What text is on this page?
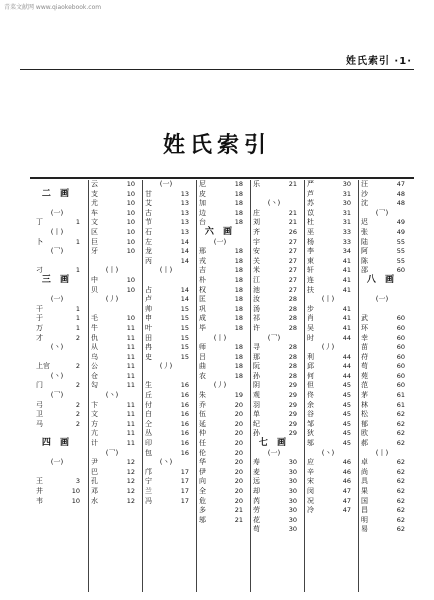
青菜文献网 www.qiaokebook.com
姓氏索引 ·1·
姓氏索引
二 画
(一)
丁	1
(丨)
卜	1
(乛)
刁	1
三 画
(一)
干	1
于	1
万	1
才	2
(丶)
上官	2
(丶)
门	2
(乛)
弓	2
卫	2
马	2
四 画
(一)
王	3
井	10
韦	10
云	10
支	10
尤	10
车	10
文	10
区	10
巨	10
牙	10
(丨)
中	10
贝	10
(丿)
毛	10
牛	11
仇	11
从	11
乌	11
公	11
仓	11
勾	11
(丶)
卞	11
文	11
方	11
亢	11
计	11
(乛)
尹	12
巴	12
孔	12
邓	12
水	12
(一)
甘	13
艾	13
古	13
节	13
石	13
左	14
龙	14
丙	14
(丨)
占	14
卢	14
帅	15
申	15
叶	15
田	15
冉	15
史	15
(丿)
生	16
丘	16
付	16
白	16
仝	16
丛	16
印	16
包	16
(丶)
邝	17
宁	17
兰	17
冯	17
尼	18
皮	18
加	18
边	18
台	18
六 画
(一)
邢	18
戎	18
吉	18
朴	18
权	18
匡	18
巩	18
成	18
毕	18
(丨)
师	18
吕	18
曲	18
农	18
(丿)
朱	19
乔	20
伍	20
延	20
仲	20
任	20
伦	20
华	20
伊	20
向	20
全	20
危	20
多	21
邬	21
乐	21
(丶)
庄	21
刘	21
齐	26
宇	27
安	27
关	27
米	27
江	27
池	27
汝	28
汤	28
祁	28
许	28
(乛)
寻	28
那	28
阮	28
孙	28
阴	29
观	29
羽	29
单	29
纪	29
孙	29
七 画
(一)
寿	30
麦	30
远	30
却	30
芮	30
劳	30
花	30
苟	30
严	30
芦	31
苏	30
苡	31
杜	31
巫	33
杨	33
李	34
束	41
轩	41
连	41
扶	41
(丨)
步	41
肖	41
吴	41
时	44
(丿)
利	44
邱	44
何	44
但	45
佟	45
余	45
谷	45
邹	45
狄	45
邬	45
(丶)
应	46
辛	46
宋	46
闵	47
况	47
冷	47
汪	47
沙	48
沈	48
(乛)
迟	49
张	49
陆	55
阿	55
陈	55
邵	60
八 画
(一)
武	60
环	60
幸	60
苗	60
苻	60
苟	60
苑	60
范	60
茅	61
林	61
松	62
郁	62
欧	62
郝	62
(丨)
卓	62
尚	62
具	62
果	62
国	62
昌	62
明	62
易	62
